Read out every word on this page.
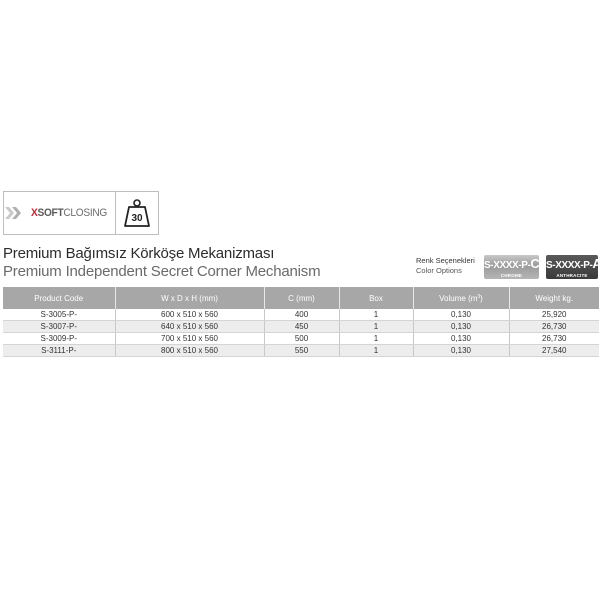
XSOFTCLOSING 30
Premium Bağımsız Körköşe Mekanizması
Premium Independent Secret Corner Mechanism
Renk Seçenekleri
Color Options	S-XXXX-P-C
CHROME
S-XXXX-P-A
ANTHRACITE
Product Code	W x D x H (mm)	C (mm)	Box	Volume $(m^3)$	Weight kg.
S-3005-P-	600 x 510 x 560	400	1	0,130	25,920
S-3007-P-	640 x 510 x 560	450	1	0,130	26,730
S-3009-P-	700 x 510 x 560	500	1	0,130	26,730
S-3111-P-	800 x 510 x 560	550	1	0,130	27,540
